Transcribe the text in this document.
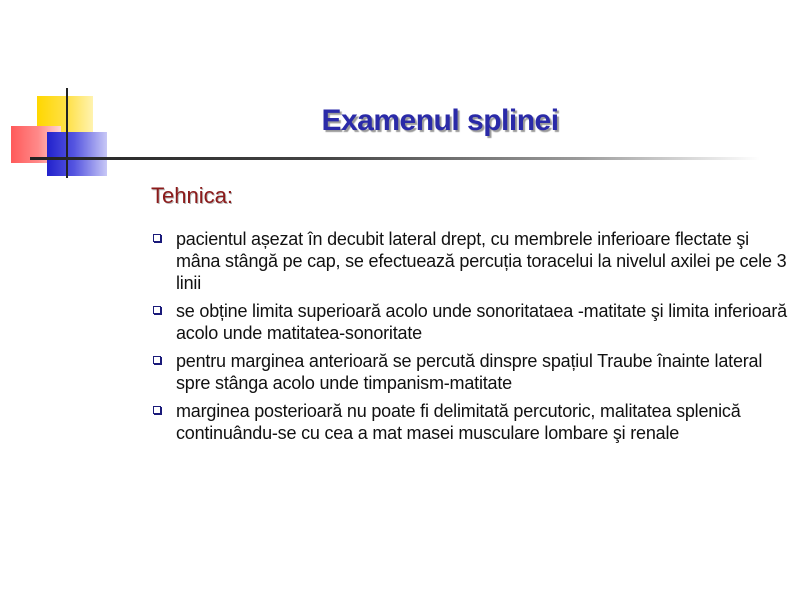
Examenul splinei
Tehnica:
pacientul așezat în decubit lateral drept, cu membrele inferioare flectate şi mâna stângă pe cap, se efectuează percuția toracelui la nivelul axilei pe cele 3 linii
se obține limita superioară acolo unde sonoritataea -matitate şi limita inferioară acolo unde matitatea-sonoritate
pentru marginea anterioară se percută dinspre spațiul Traube înainte lateral spre stânga acolo unde timpanism-matitate
marginea posterioară nu poate fi delimitată percutoric, malitatea splenică continuându-se cu cea a mat masei musculare lombare şi renale
